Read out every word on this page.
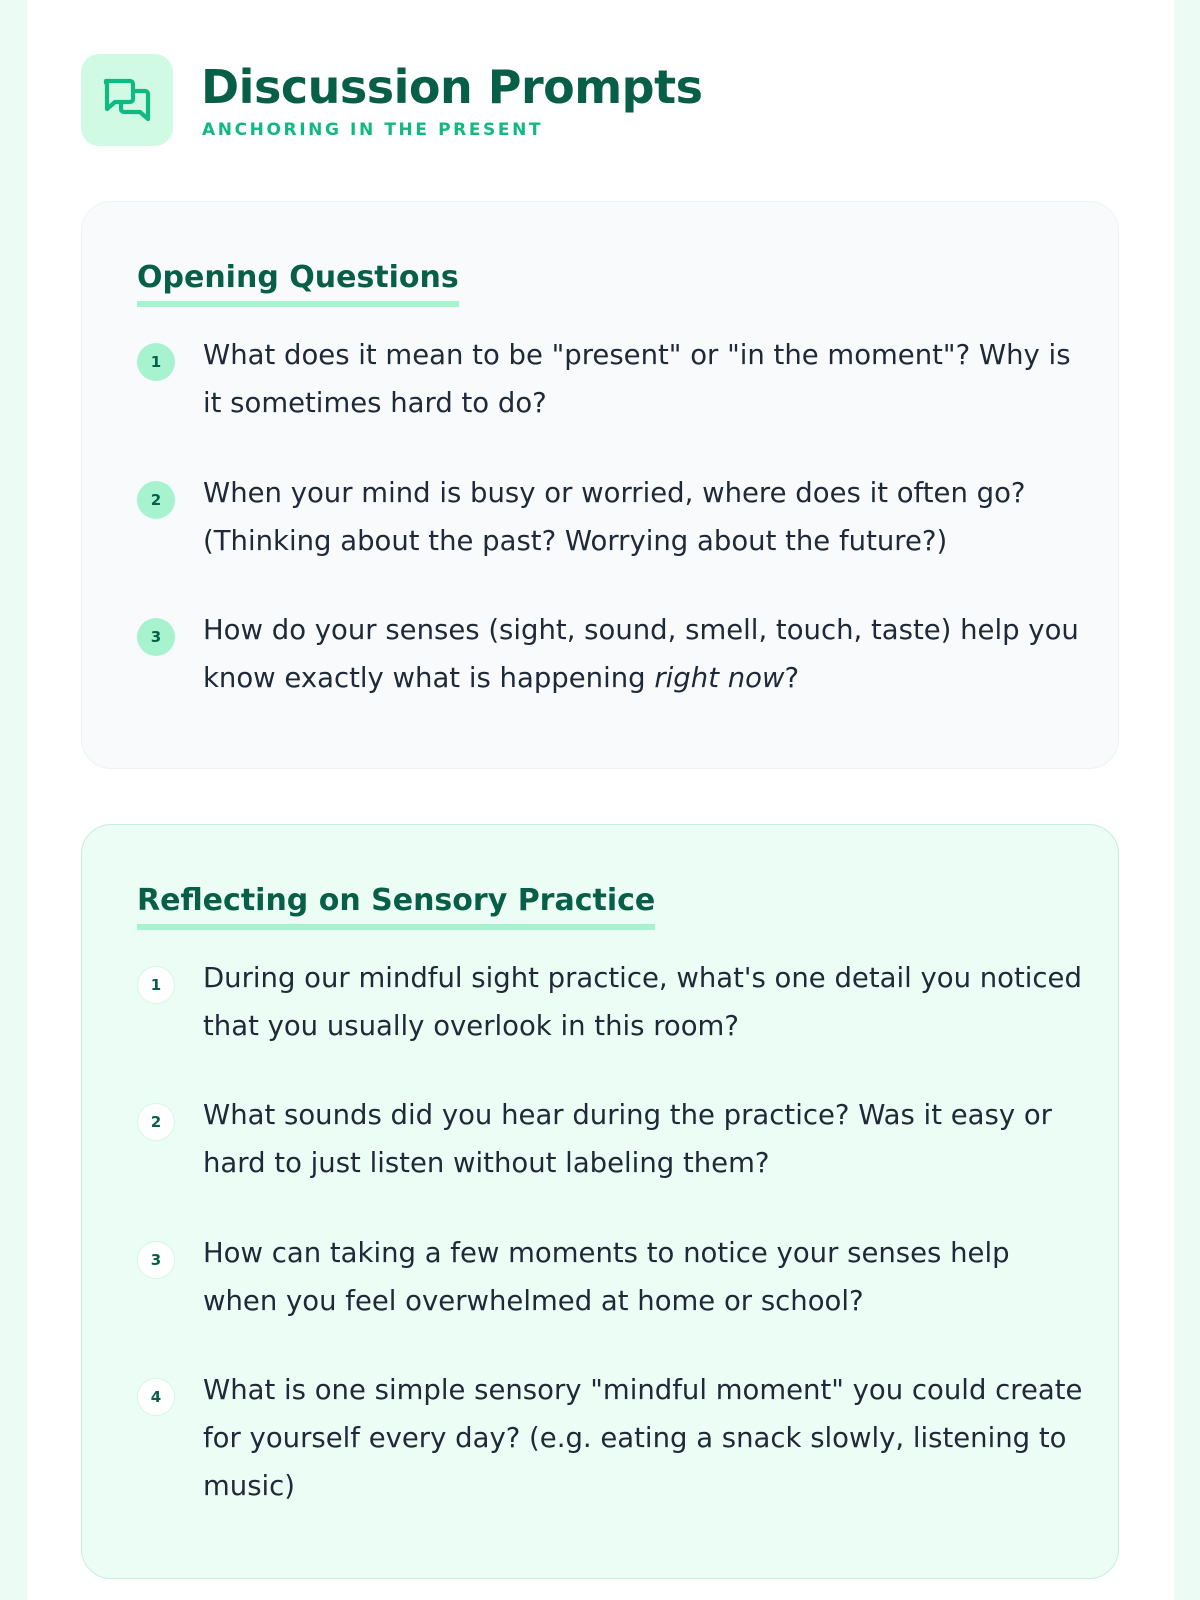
Discussion Prompts
ANCHORING IN THE PRESENT
Opening Questions
1	What does it mean to be "present" or "in the moment"? Why is it sometimes hard to do?

2	When your mind is busy or worried, where does it often go? (Thinking about the past? Worrying about the future?)

3	How do your senses (sight, sound, smell, touch, taste) help you know exactly what is happening right now?

Reflecting on Sensory Practice
1	During our mindful sight practice, what's one detail you noticed that you usually overlook in this room?

2	What sounds did you hear during the practice? Was it easy or hard to just listen without labeling them?

3	How can taking a few moments to notice your senses help when you feel overwhelmed at home or school?

4	What is one simple sensory "mindful moment" you could create for yourself every day? (e.g. eating a snack slowly, listening to music)
